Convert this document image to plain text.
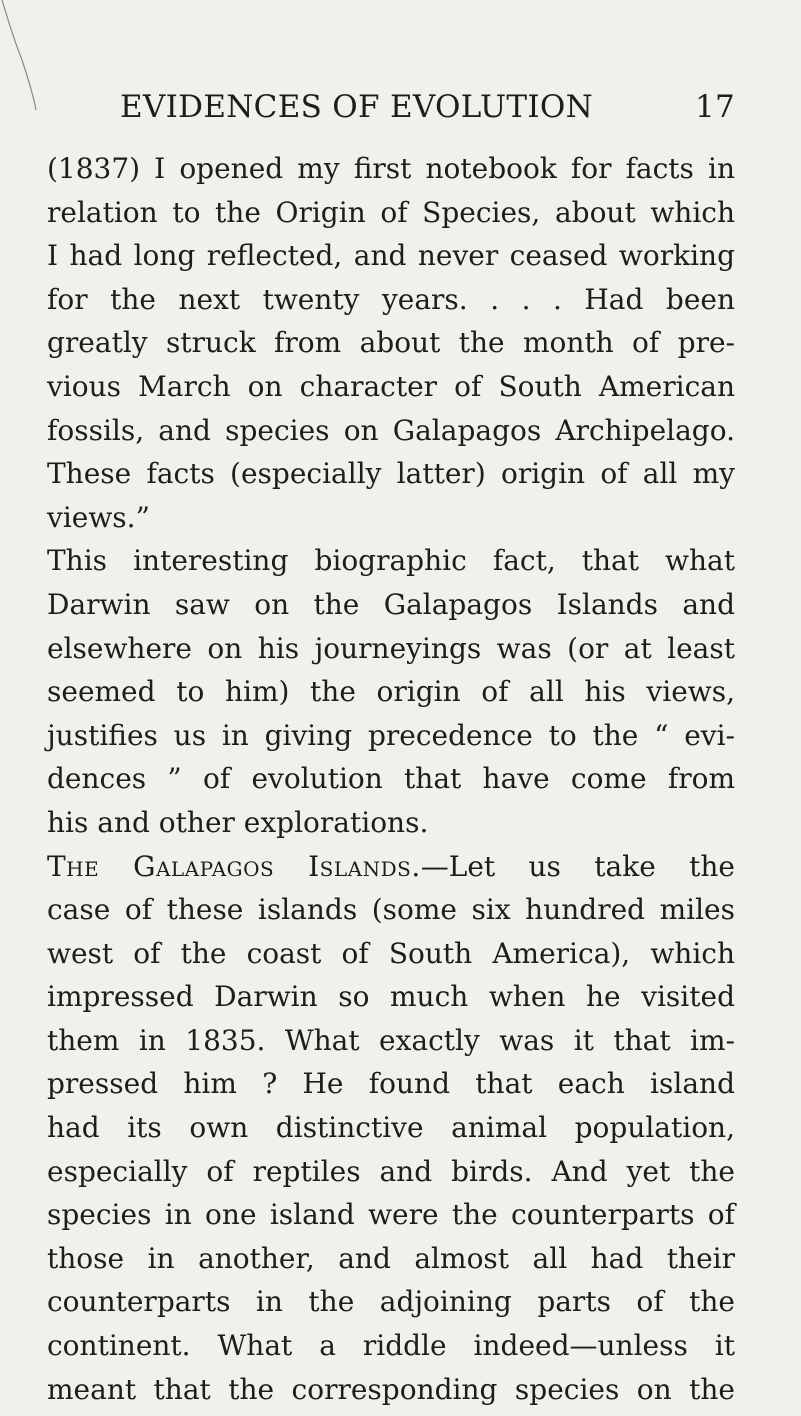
EVIDENCES OF EVOLUTION	17

(1837) I opened my first notebook for facts in
relation to the Origin of Species, about which
I had long reflected, and never ceased working
for the next twenty years. . . . Had been
greatly struck from about the month of pre-
vious March on character of South American
fossils, and species on Galapagos Archipelago.
These facts (especially latter) origin of all my
views.”

This interesting biographic fact, that what
Darwin saw on the Galapagos Islands and
elsewhere on his journeyings was (or at least
seemed to him) the origin of all his views,
justifies us in giving precedence to the “ evi-
dences ” of evolution that have come from
his and other explorations.

The Galapagos Islands.—Let us take the
case of these islands (some six hundred miles
west of the coast of South America), which
impressed Darwin so much when he visited
them in 1835. What exactly was it that im-
pressed him ? He found that each island
had its own distinctive animal population,
especially of reptiles and birds. And yet the
species in one island were the counterparts of
those in another, and almost all had their
counterparts in the adjoining parts of the
continent. What a riddle indeed—unless it
meant that the corresponding species on the
